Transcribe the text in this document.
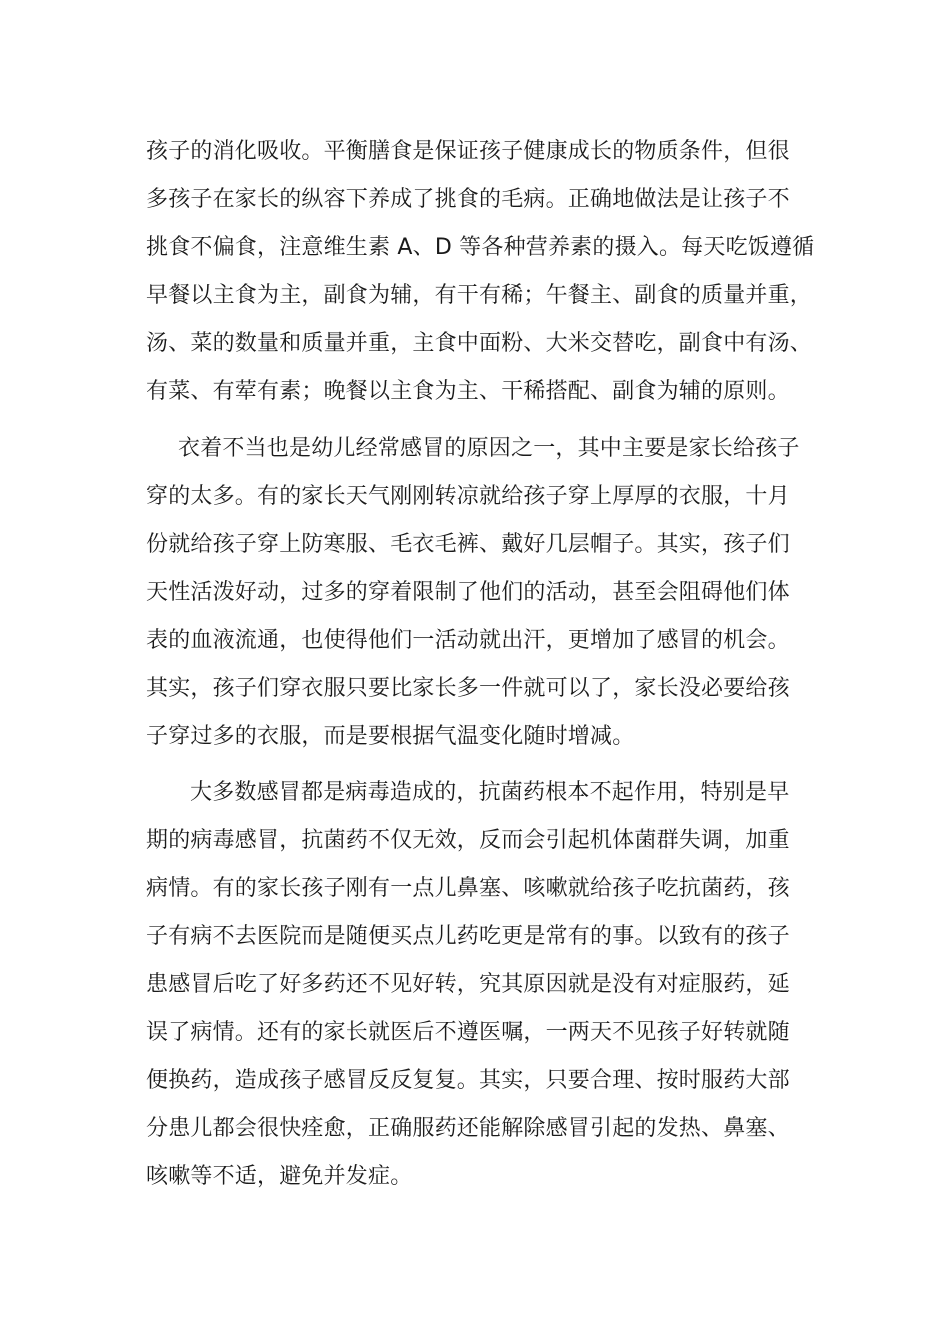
孩子的消化吸收。平衡膳食是保证孩子健康成长的物质条件，但很
多孩子在家长的纵容下养成了挑食的毛病。正确地做法是让孩子不
挑食不偏食，注意维生素 A、D 等各种营养素的摄入。每天吃饭遵循
早餐以主食为主，副食为辅，有干有稀；午餐主、副食的质量并重，
汤、菜的数量和质量并重，主食中面粉、大米交替吃，副食中有汤、
有菜、有荤有素；晚餐以主食为主、干稀搭配、副食为辅的原则。
衣着不当也是幼儿经常感冒的原因之一，其中主要是家长给孩子
穿的太多。有的家长天气刚刚转凉就给孩子穿上厚厚的衣服，十月
份就给孩子穿上防寒服、毛衣毛裤、戴好几层帽子。其实，孩子们
天性活泼好动，过多的穿着限制了他们的活动，甚至会阻碍他们体
表的血液流通，也使得他们一活动就出汗，更增加了感冒的机会。
其实，孩子们穿衣服只要比家长多一件就可以了，家长没必要给孩
子穿过多的衣服，而是要根据气温变化随时增减。
大多数感冒都是病毒造成的，抗菌药根本不起作用，特别是早
期的病毒感冒，抗菌药不仅无效，反而会引起机体菌群失调，加重
病情。有的家长孩子刚有一点儿鼻塞、咳嗽就给孩子吃抗菌药，孩
子有病不去医院而是随便买点儿药吃更是常有的事。以致有的孩子
患感冒后吃了好多药还不见好转，究其原因就是没有对症服药，延
误了病情。还有的家长就医后不遵医嘱，一两天不见孩子好转就随
便换药，造成孩子感冒反反复复。其实，只要合理、按时服药大部
分患儿都会很快痊愈，正确服药还能解除感冒引起的发热、鼻塞、
咳嗽等不适，避免并发症。
